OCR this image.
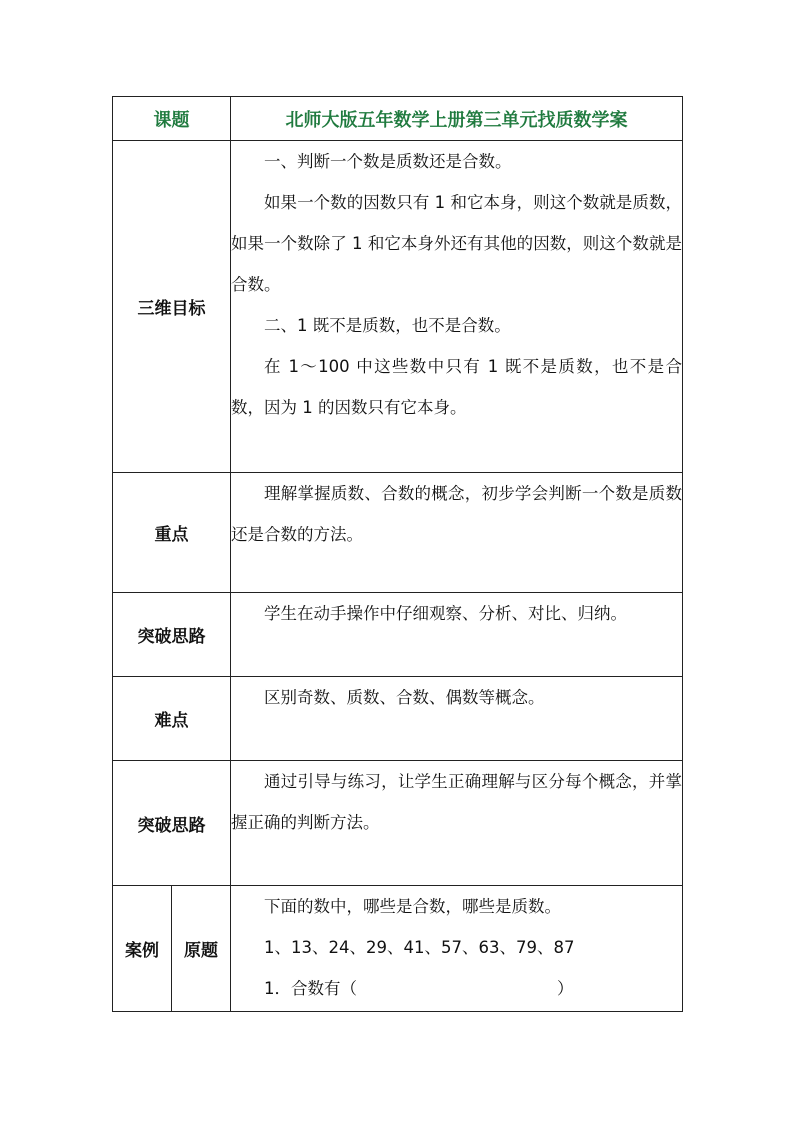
课题		北师大版五年数学上册第三单元找质数学案
三维目标		一、判断一个数是质数还是合数。

如果一个数的因数只有 1 和它本身，则这个数就是质数，如果一个数除了 1 和它本身外还有其他的因数，则这个数就是合数。

二、1 既不是质数，也不是合数。

在 1～100 中这些数中只有 1 既不是质数，也不是合数，因为 1 的因数只有它本身。

重点		理解掌握质数、合数的概念，初步学会判断一个数是质数还是合数的方法。

突破思路		学生在动手操作中仔细观察、分析、对比、归纳。

难点		区别奇数、质数、合数、偶数等概念。

突破思路		通过引导与练习，让学生正确理解与区分每个概念，并掌握正确的判断方法。

案例	原题	下面的数中，哪些是合数，哪些是质数。

1、13、24、29、41、57、63、79、87

1．合数有（ ）
